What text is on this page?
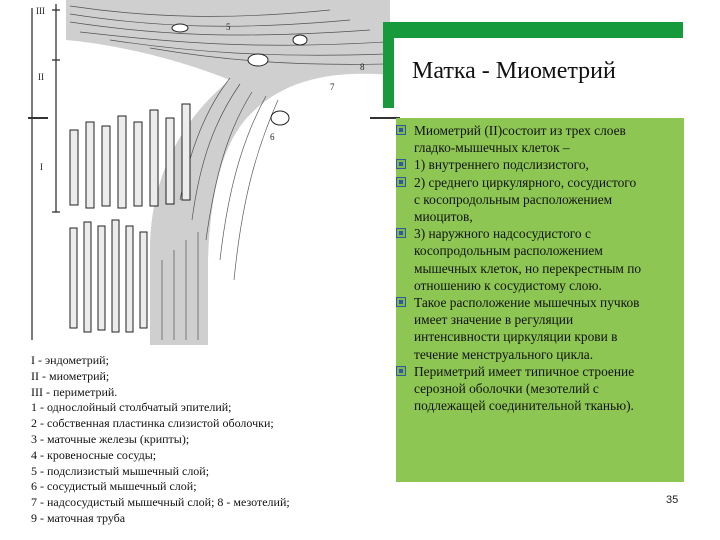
III
II
I
5
6
7
8 Матка - Миометрий
Миометрий (II)состоит из трех слоев
гладко-мышечных клеток –
1) внутреннего подслизистого,
2) среднего циркулярного, сосудистого
с косопродольным расположением
миоцитов,
3) наружного надсосудистого с
косопродольным расположением
мышечных клеток, но перекрестным по
отношению к сосудистому слою.
Такое расположение мышечных пучков
имеет значение в регуляции
интенсивности циркуляции крови в
течение менструального цикла.
Периметрий имеет типичное строение
серозной оболочки (мезотелий с
подлежащей соединительной тканью).
I - эндометрий;
II - миометрий;
III - периметрий.
1 - однослойный столбчатый эпителий;
2 - собственная пластинка слизистой оболочки;
3 - маточные железы (крипты);
4 - кровеносные сосуды;
5 - подслизистый мышечный слой;
6 - сосудистый мышечный слой;
7 - надсосудистый мышечный слой; 8 - мезотелий;
9 - маточная труба
35
